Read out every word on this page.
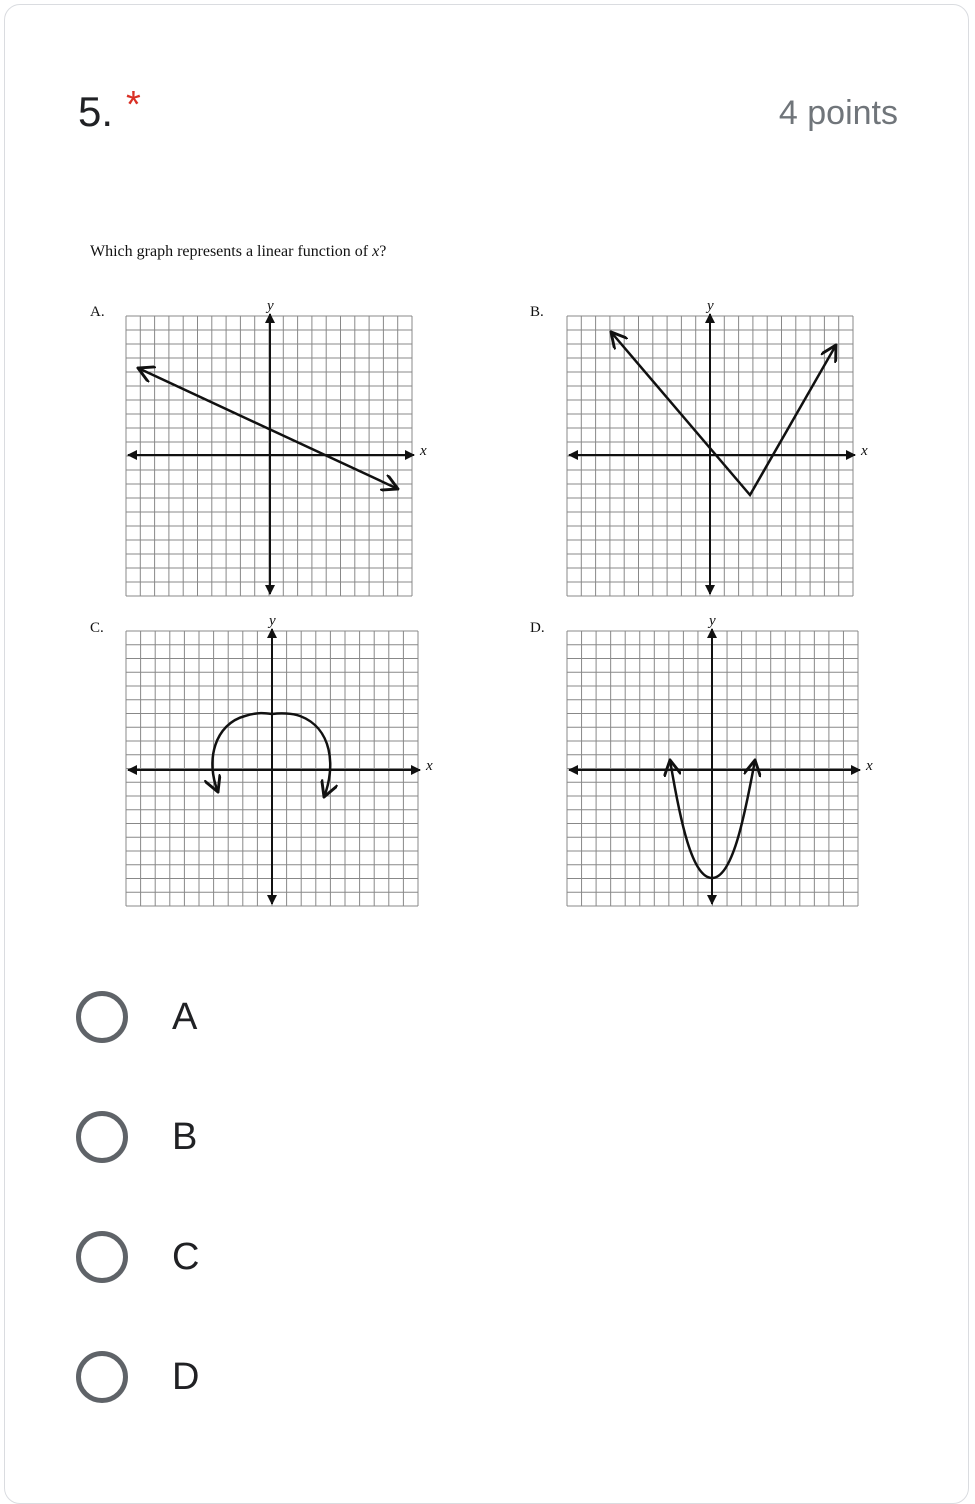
5. *	4 points
Which graph represents a linear function of x?
A.	y
x
B.	y
x
C.	y
x
D.	y
x
A
B
C
D
